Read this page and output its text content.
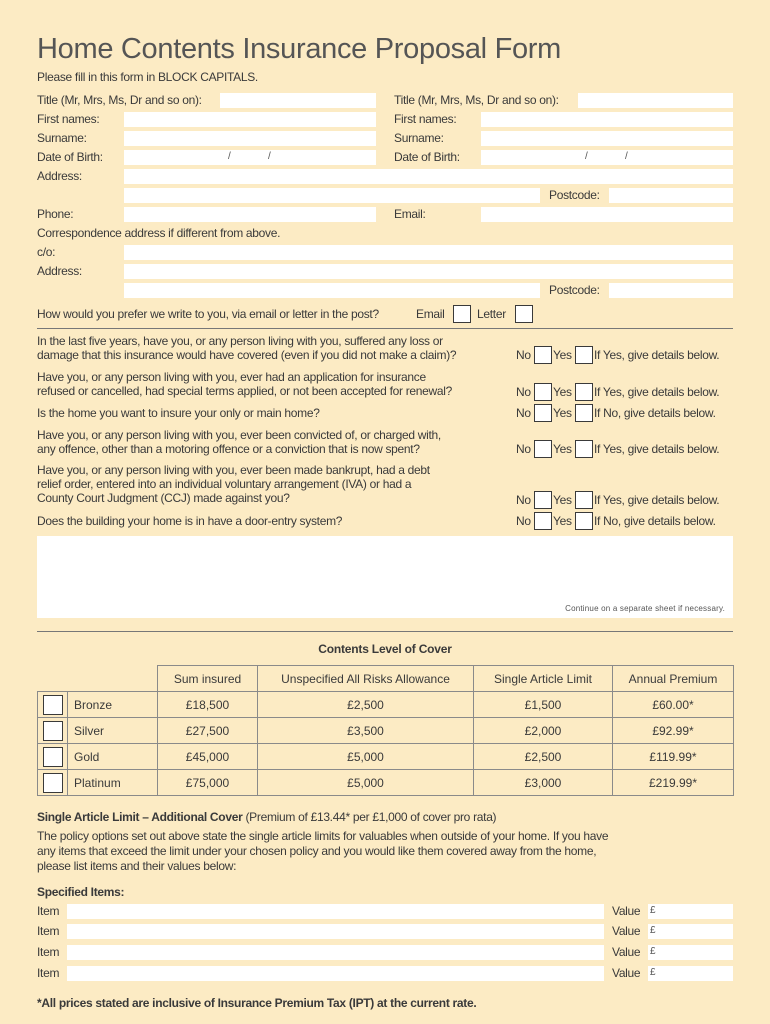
Home Contents Insurance Proposal Form
Please fill in this form in BLOCK CAPITALS.
Title (Mr, Mrs, Ms, Dr and so on):
First names:
Surname:
Date of Birth:	/	/
Title (Mr, Mrs, Ms, Dr and so on):
First names:
Surname:
Date of Birth:	/	/
Address:
Postcode:
Phone:	Email:
Correspondence address if different from above.
c/o:
Address:
Postcode:
How would you prefer we write to you, via email or letter in the post?	Email	Letter
In the last five years, have you, or any person living with you, suffered any loss or
damage that this insurance would have covered (even if you did not make a claim)?	No Yes If Yes, give details below.
Have you, or any person living with you, ever had an application for insurance
refused or cancelled, had special terms applied, or not been accepted for renewal?	No Yes If Yes, give details below.
Is the home you want to insure your only or main home?	No Yes If No, give details below.
Have you, or any person living with you, ever been convicted of, or charged with,
any offence, other than a motoring offence or a conviction that is now spent?	No Yes If Yes, give details below.
Have you, or any person living with you, ever been made bankrupt, had a debt
relief order, entered into an individual voluntary arrangement (IVA) or had a
County Court Judgment (CCJ) made against you?	No Yes If Yes, give details below.
Does the building your home is in have a door-entry system?	No Yes If No, give details below.
Continue on a separate sheet if necessary.
Contents Level of Cover
		Sum insured	Unspecified All Risks Allowance	Single Article Limit	Annual Premium
	Bronze	£18,500	£2,500	£1,500	£60.00*
	Silver	£27,500	£3,500	£2,000	£92.99*
	Gold	£45,000	£5,000	£2,500	£119.99*
	Platinum	£75,000	£5,000	£3,000	£219.99*
Single Article Limit – Additional Cover (Premium of £13.44* per £1,000 of cover pro rata)
The policy options set out above state the single article limits for valuables when outside of your home. If you have
any items that exceed the limit under your chosen policy and you would like them covered away from the home,
please list items and their values below:
Specified Items:
Item	Value £
Item	Value £
Item	Value £
Item	Value £
*All prices stated are inclusive of Insurance Premium Tax (IPT) at the current rate.
